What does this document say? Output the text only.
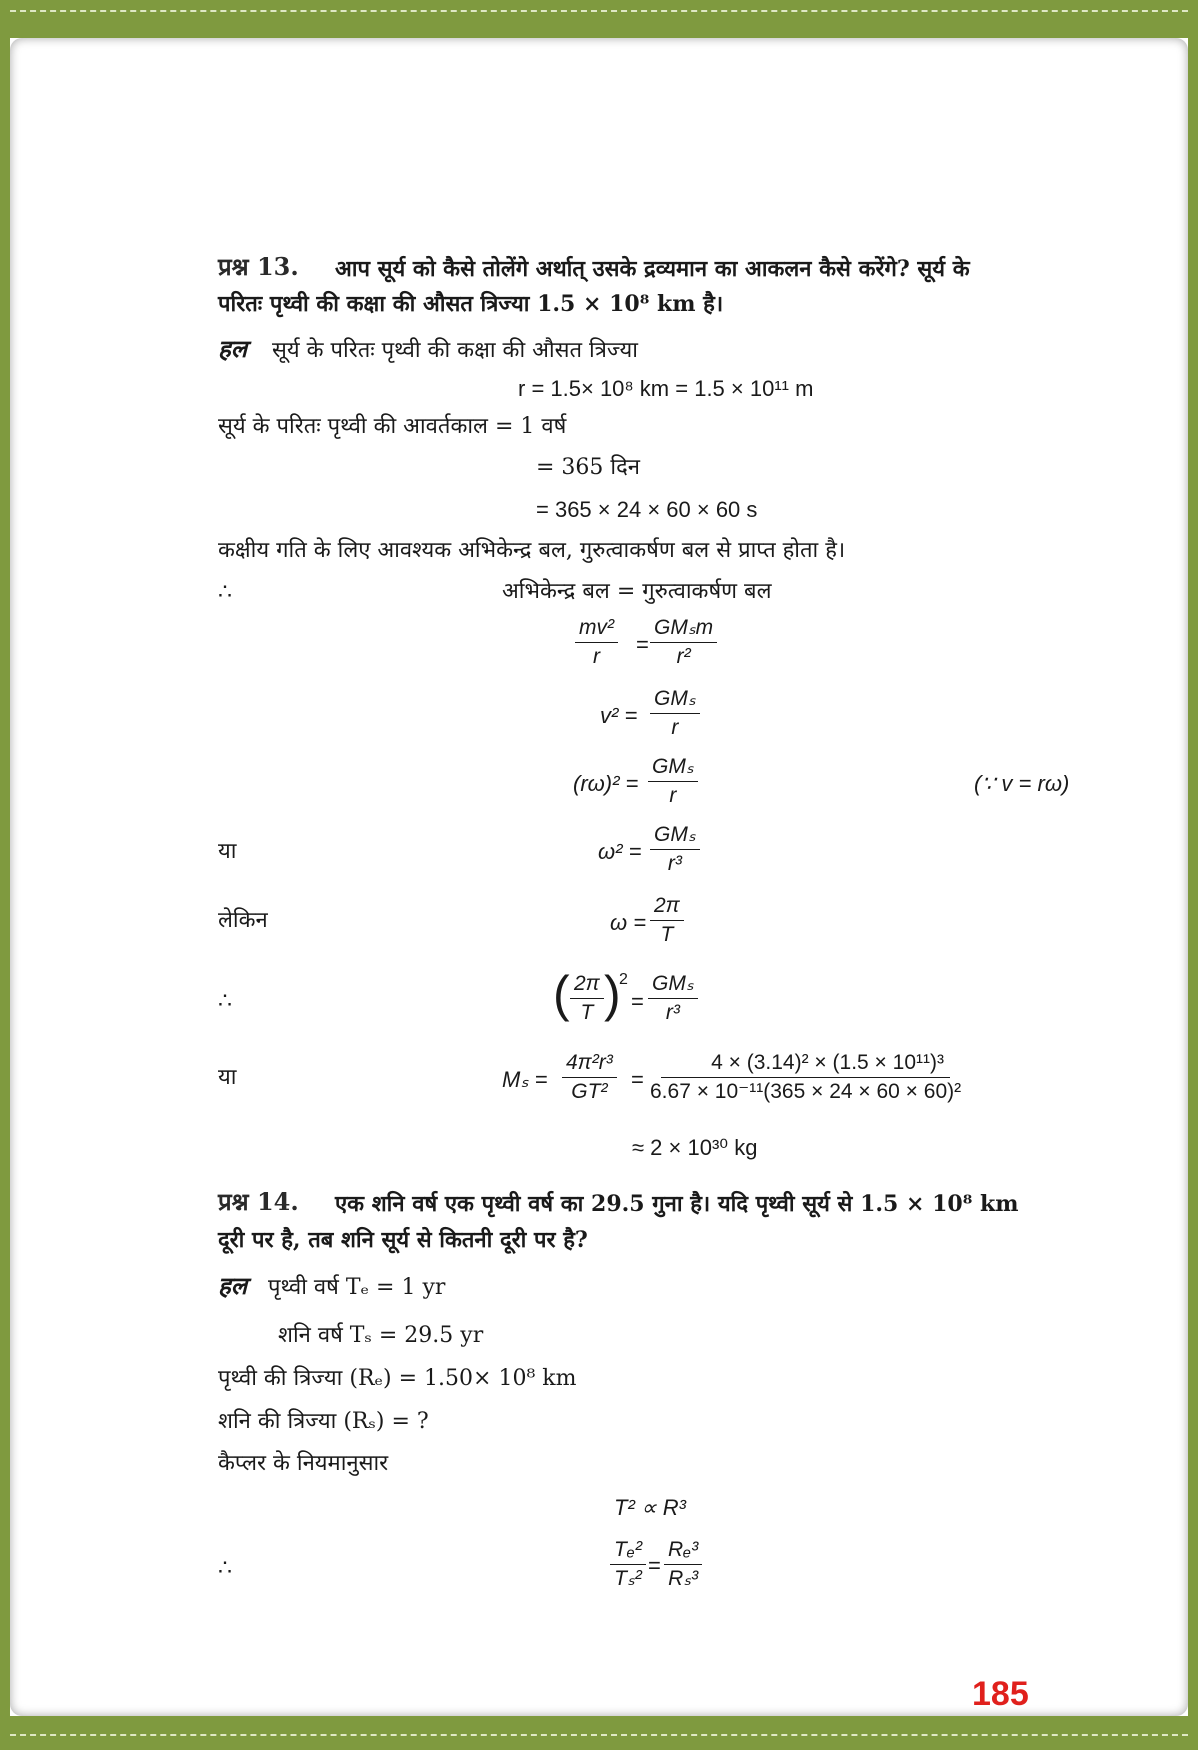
प्रश्न 13. आप सूर्य को कैसे तोलेंगे अर्थात् उसके द्रव्यमान का आकलन कैसे करेंगे? सूर्य के
परितः पृथ्वी की कक्षा की औसत त्रिज्या 1.5 × 10⁸ km है।
हल सूर्य के परितः पृथ्वी की कक्षा की औसत त्रिज्या
r = 1.5× 10⁸ km = 1.5 × 10¹¹ m
सूर्य के परितः पृथ्वी की आवर्तकाल = 1 वर्ष
= 365 दिन
= 365 × 24 × 60 × 60 s
कक्षीय गति के लिए आवश्यक अभिकेन्द्र बल, गुरुत्वाकर्षण बल से प्राप्त होता है।
∴	अभिकेन्द्र बल = गुरुत्वाकर्षण बल
$\frac{\text{mv²}}{r}$ =
GMₛm
r²
v² =
GMₛ
r
(rω)² =
GMₛ
r	(∵ v = rω)
या	ω² =
GMₛ
r³
लेकिन	$\omega = \frac{2\pi}{T}$
∴	( $\frac{2\pi}{T}$ )
2
=
GMₛ
r³
या	$M_s = \frac{\text{4π²r³}}{\text{GT²}} = \frac{\text{4 × (3.14)² × (1.5 × 10¹¹)³}}{\text{6.67 × 10⁻¹¹(365 × 24 × 60 × 60)²}}$
≈ 2 × 10³⁰ kg
प्रश्न 14. एक शनि वर्ष एक पृथ्वी वर्ष का 29.5 गुना है। यदि पृथ्वी सूर्य से 1.5 × 10⁸ km
दूरी पर है, तब शनि सूर्य से कितनी दूरी पर है?
हल पृथ्वी वर्ष Tₑ = 1 yr
शनि वर्ष Tₛ = 29.5 yr
पृथ्वी की त्रिज्या (Rₑ) = 1.50× 10⁸ km
शनि की त्रिज्या (Rₛ) = ?
कैप्लर के नियमानुसार
T² ∝ R³
∴	$\frac{\text{Tₑ²}}{\text{Tₛ²}} = \frac{\text{Rₑ³}}{\text{Rₛ³}}$
185
